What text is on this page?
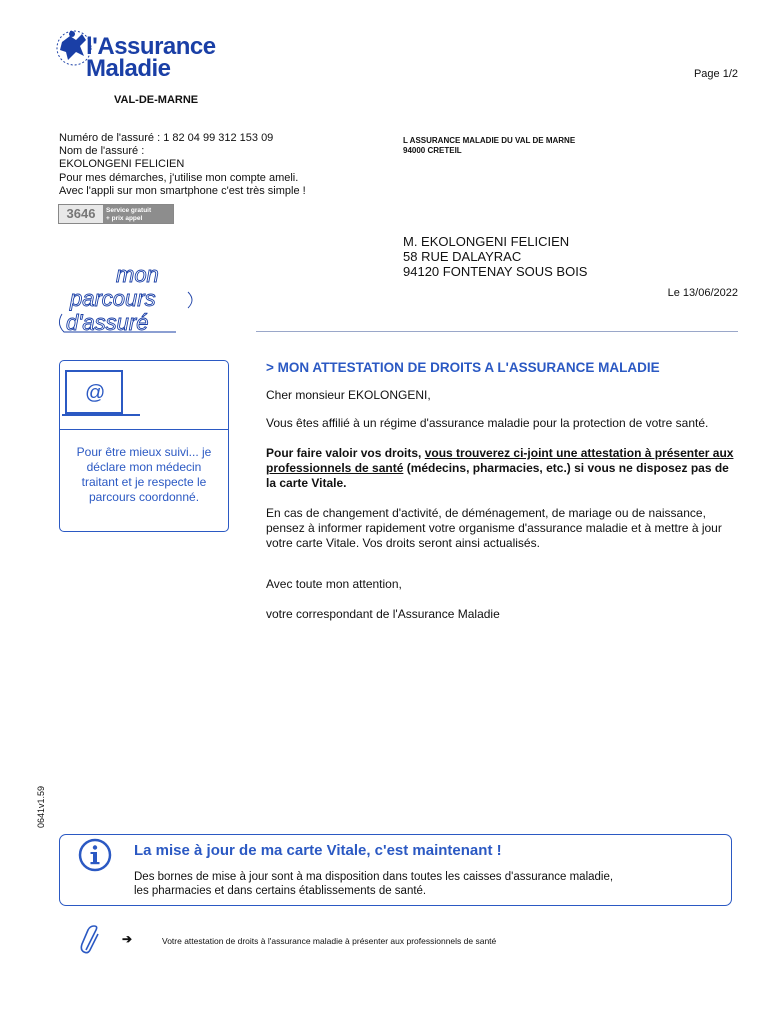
l'Assurance
Maladie
VAL-DE-MARNE
Page 1/2
Numéro de l'assuré : 1 82 04 99 312 153 09
Nom de l'assuré :
EKOLONGENI FELICIEN
Pour mes démarches, j'utilise mon compte ameli.
Avec l'appli sur mon smartphone c'est très simple !
3646	Service gratuit
+ prix appel
L ASSURANCE MALADIE DU VAL DE MARNE
94000 CRETEIL
M. EKOLONGENI FELICIEN
58 RUE DALAYRAC
94120 FONTENAY SOUS BOIS
Le 13/06/2022
mon
parcours
d'assuré
@
Pour être mieux suivi... je déclare mon médecin traitant et je respecte le parcours coordonné.
> MON ATTESTATION DE DROITS A L'ASSURANCE MALADIE
Cher monsieur EKOLONGENI,
Vous êtes affilié à un régime d'assurance maladie pour la protection de votre santé.
Pour faire valoir vos droits, vous trouverez ci-joint une attestation à présenter aux professionnels de santé (médecins, pharmacies, etc.) si vous ne disposez pas de la carte Vitale.
En cas de changement d'activité, de déménagement, de mariage ou de naissance, pensez à informer rapidement votre organisme d'assurance maladie et à mettre à jour votre carte Vitale. Vos droits seront ainsi actualisés.
Avec toute mon attention,
votre correspondant de l'Assurance Maladie
0641v1.59
La mise à jour de ma carte Vitale, c'est maintenant !
Des bornes de mise à jour sont à ma disposition dans toutes les caisses d'assurance maladie,
les pharmacies et dans certains établissements de santé.
➔	Votre attestation de droits à l'assurance maladie à présenter aux professionnels de santé
